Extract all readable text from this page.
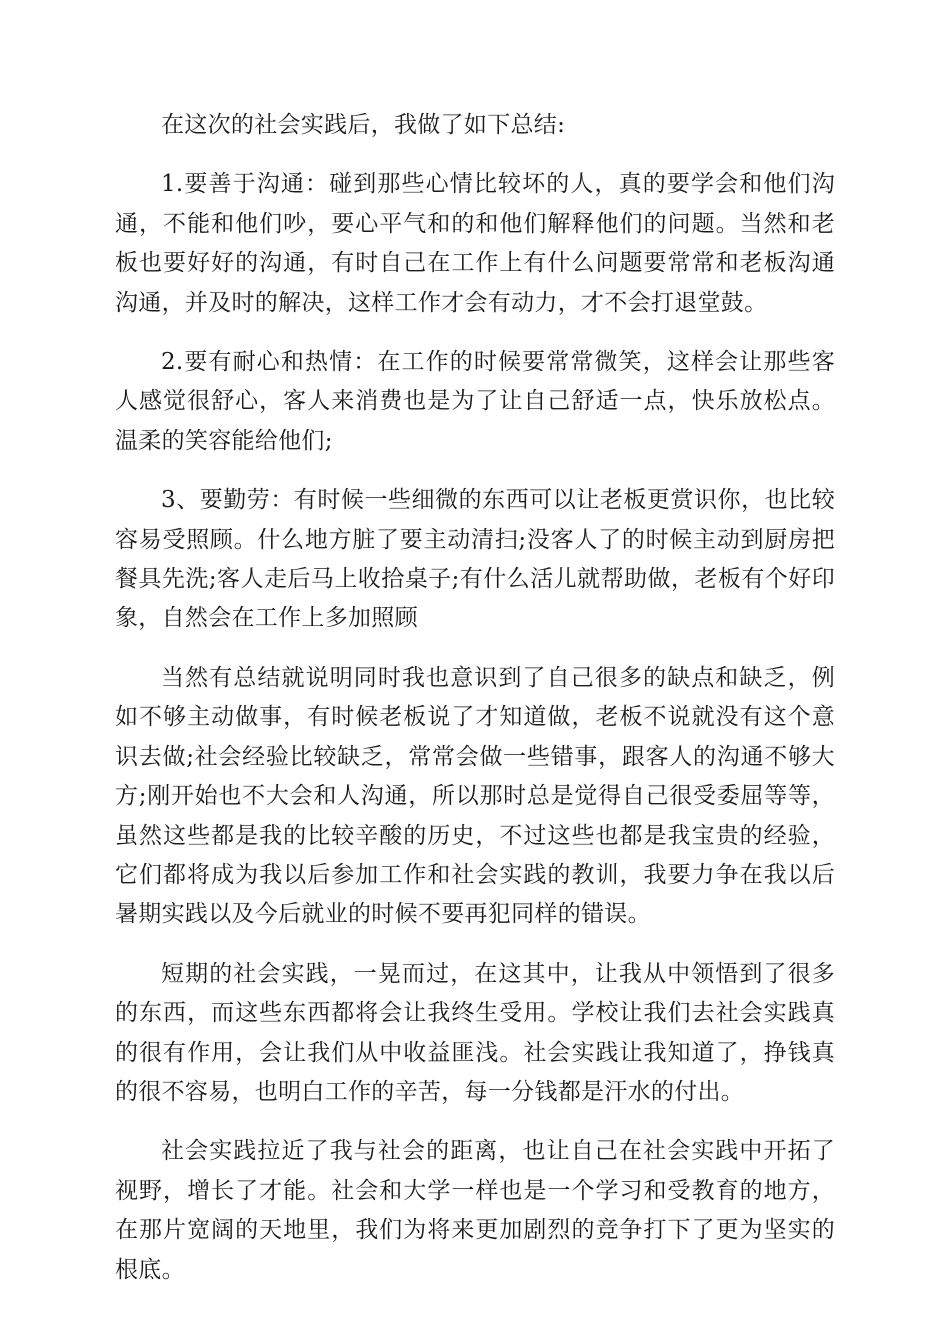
在这次的社会实践后，我做了如下总结:

1.要善于沟通：碰到那些心情比较坏的人，真的要学会和他们沟通，不能和他们吵，要心平气和的和他们解释他们的问题。当然和老板也要好好的沟通，有时自己在工作上有什么问题要常常和老板沟通沟通，并及时的解决，这样工作才会有动力，才不会打退堂鼓。

2.要有耐心和热情：在工作的时候要常常微笑，这样会让那些客人感觉很舒心，客人来消费也是为了让自己舒适一点，快乐放松点。温柔的笑容能给他们;

3、要勤劳：有时候一些细微的东西可以让老板更赏识你，也比较容易受照顾。什么地方脏了要主动清扫;没客人了的时候主动到厨房把餐具先洗;客人走后马上收拾桌子;有什么活儿就帮助做，老板有个好印象，自然会在工作上多加照顾

当然有总结就说明同时我也意识到了自己很多的缺点和缺乏，例如不够主动做事，有时候老板说了才知道做，老板不说就没有这个意识去做;社会经验比较缺乏，常常会做一些错事，跟客人的沟通不够大方;刚开始也不大会和人沟通，所以那时总是觉得自己很受委屈等等，虽然这些都是我的比较辛酸的历史，不过这些也都是我宝贵的经验，它们都将成为我以后参加工作和社会实践的教训，我要力争在我以后暑期实践以及今后就业的时候不要再犯同样的错误。

短期的社会实践，一晃而过，在这其中，让我从中领悟到了很多的东西，而这些东西都将会让我终生受用。学校让我们去社会实践真的很有作用，会让我们从中收益匪浅。社会实践让我知道了，挣钱真的很不容易，也明白工作的辛苦，每一分钱都是汗水的付出。

社会实践拉近了我与社会的距离，也让自己在社会实践中开拓了视野，增长了才能。社会和大学一样也是一个学习和受教育的地方，在那片宽阔的天地里，我们为将来更加剧烈的竞争打下了更为坚实的根底。
